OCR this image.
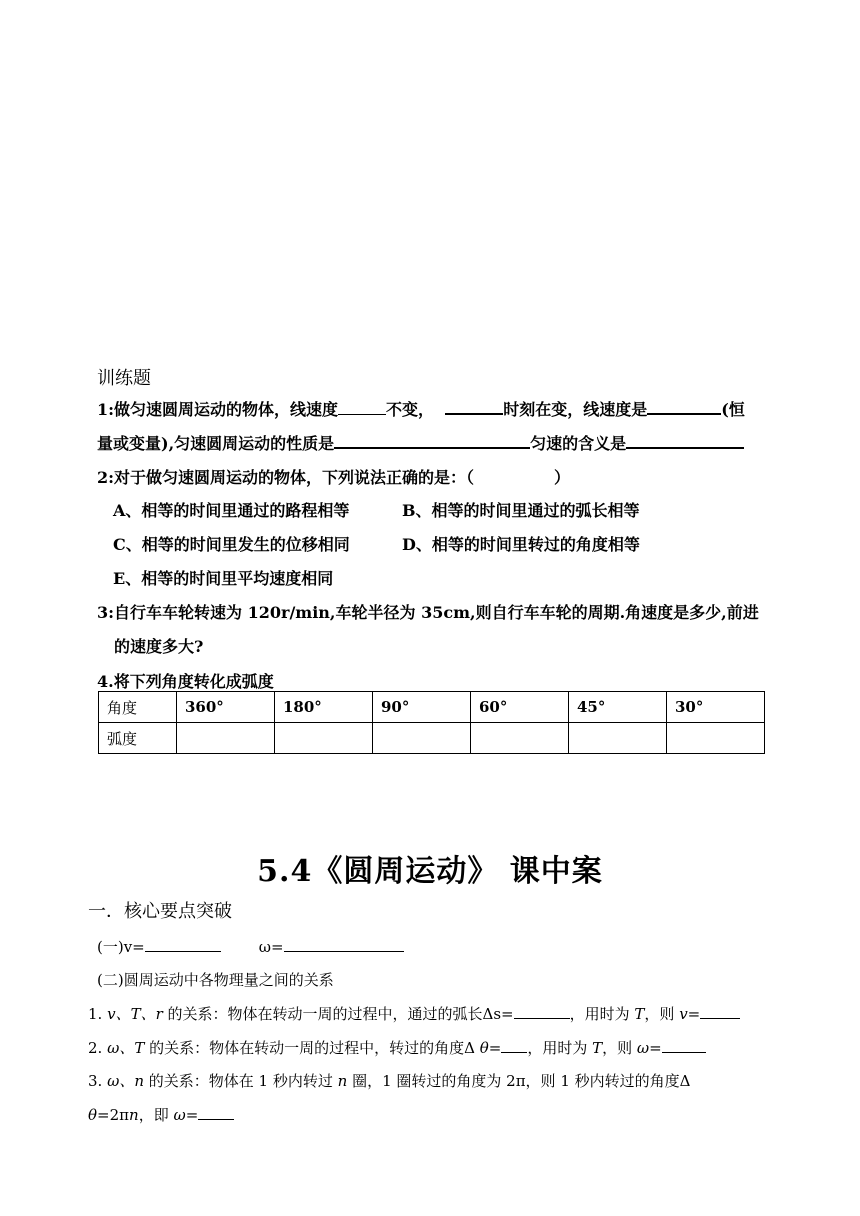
训练题
1:做匀速圆周运动的物体，线速度	不变，	时刻在变，线速度是	(恒
量或变量),匀速圆周运动的性质是	匀速的含义是
2:对于做匀速圆周运动的物体，下列说法正确的是：（　　　　　）
A、相等的时间里通过的路程相等	B、相等的时间里通过的弧长相等
C、相等的时间里发生的位移相同	D、相等的时间里转过的角度相等
E、相等的时间里平均速度相同
3:自行车车轮转速为 120r/min,车轮半径为 35cm,则自行车车轮的周期.角速度是多少,前进
的速度多大?
4.将下列角度转化成弧度
角度	360°	180°	90°	60°	45°	30°
弧度						
5.4《圆周运动》 课中案
一．核心要点突破
(一)v=	ω=
(二)圆周运动中各物理量之间的关系
1. v、T、r 的关系：物体在转动一周的过程中，通过的弧长Δs=	，用时为 T，则 v=
2. ω、T 的关系：物体在转动一周的过程中，转过的角度Δ θ= ，用时为 T，则 ω=
3. ω、n 的关系：物体在 1 秒内转过 n 圈，1 圈转过的角度为 2π，则 1 秒内转过的角度Δ
θ=2πn，即 ω=
